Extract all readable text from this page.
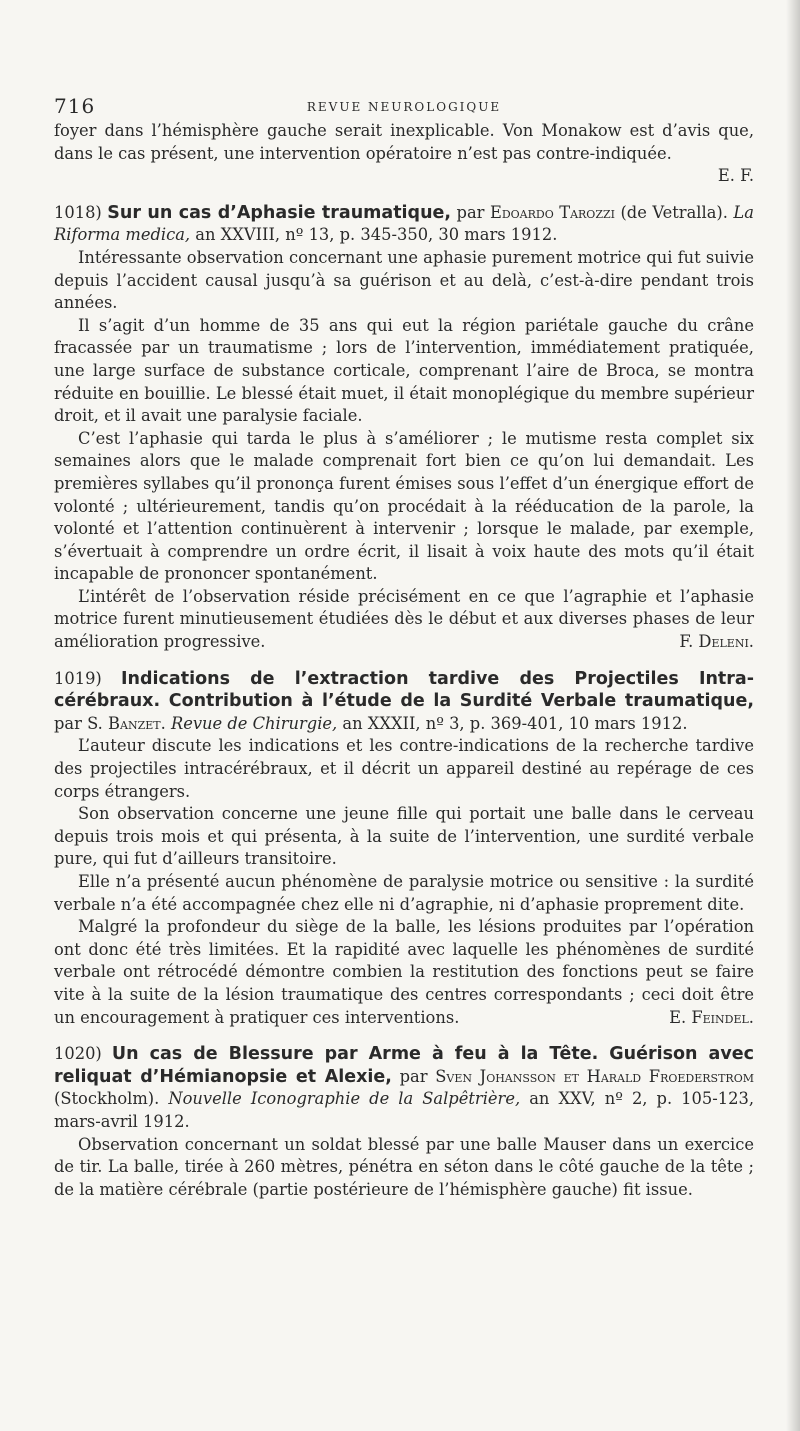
716	REVUE NEUROLOGIQUE

foyer dans l’hémisphère gauche serait inexplicable. Von Monakow est d’avis que, dans le cas présent, une intervention opératoire n’est pas contre-indiquée.

E. F.

1018) Sur un cas d’Aphasie traumatique, par Edoardo Tarozzi (de Vetralla). La Riforma medica, an XXVIII, nº 13, p. 345-350, 30 mars 1912.

Intéressante observation concernant une aphasie purement motrice qui fut suivie depuis l’accident causal jusqu’à sa guérison et au delà, c’est-à-dire pendant trois années.

Il s’agit d’un homme de 35 ans qui eut la région pariétale gauche du crâne fracassée par un traumatisme ; lors de l’intervention, immédiatement pratiquée, une large surface de substance corticale, comprenant l’aire de Broca, se montra réduite en bouillie. Le blessé était muet, il était monoplégique du membre supérieur droit, et il avait une paralysie faciale.

C’est l’aphasie qui tarda le plus à s’améliorer ; le mutisme resta complet six semaines alors que le malade comprenait fort bien ce qu’on lui demandait. Les premières syllabes qu’il prononça furent émises sous l’effet d’un énergique effort de volonté ; ultérieurement, tandis qu’on procédait à la rééducation de la parole, la volonté et l’attention continuèrent à intervenir ; lorsque le malade, par exemple, s’évertuait à comprendre un ordre écrit, il lisait à voix haute des mots qu’il était incapable de prononcer spontanément.

L’intérêt de l’observation réside précisément en ce que l’agraphie et l’aphasie motrice furent minutieusement étudiées dès le début et aux diverses phases de leur amélioration progressive.	F. Deleni.

1019) Indications de l’extraction tardive des Projectiles Intra-cérébraux. Contribution à l’étude de la Surdité Verbale traumatique, par S. Banzet. Revue de Chirurgie, an XXXII, nº 3, p. 369-401, 10 mars 1912.

L’auteur discute les indications et les contre-indications de la recherche tardive des projectiles intracérébraux, et il décrit un appareil destiné au repérage de ces corps étrangers.

Son observation concerne une jeune fille qui portait une balle dans le cerveau depuis trois mois et qui présenta, à la suite de l’intervention, une surdité verbale pure, qui fut d’ailleurs transitoire.

Elle n’a présenté aucun phénomène de paralysie motrice ou sensitive : la surdité verbale n’a été accompagnée chez elle ni d’agraphie, ni d’aphasie proprement dite.

Malgré la profondeur du siège de la balle, les lésions produites par l’opération ont donc été très limitées. Et la rapidité avec laquelle les phénomènes de surdité verbale ont rétrocédé démontre combien la restitution des fonctions peut se faire vite à la suite de la lésion traumatique des centres correspondants ; ceci doit être un encouragement à pratiquer ces interventions.	E. Feindel.

1020) Un cas de Blessure par Arme à feu à la Tête. Guérison avec reliquat d’Hémianopsie et Alexie, par Sven Johansson et Harald Froederstrom (Stockholm). Nouvelle Iconographie de la Salpêtrière, an XXV, nº 2, p. 105-123, mars-avril 1912.

Observation concernant un soldat blessé par une balle Mauser dans un exercice de tir. La balle, tirée à 260 mètres, pénétra en séton dans le côté gauche de la tête ; de la matière cérébrale (partie postérieure de l’hémisphère gauche) fit issue.
